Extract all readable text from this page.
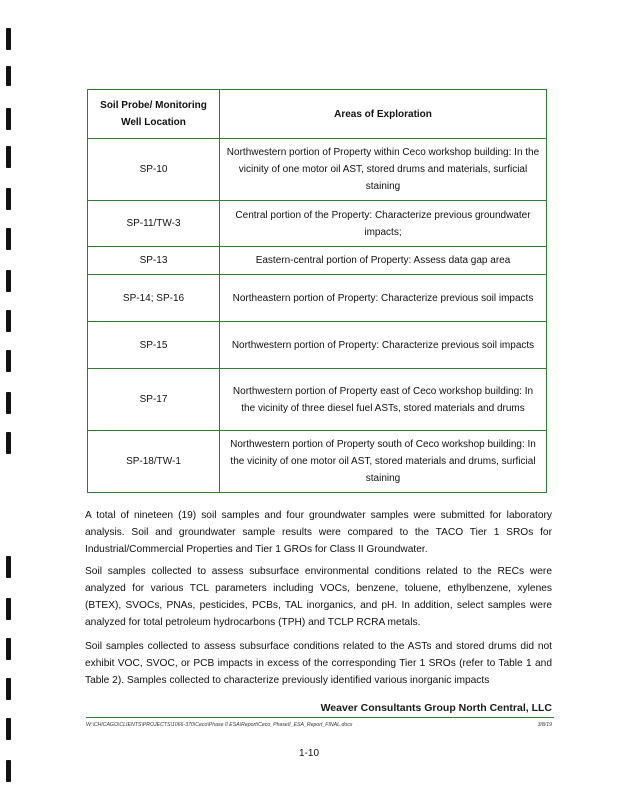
Soil Probe/ Monitoring Well Location	Areas of Exploration
SP-10	Northwestern portion of Property within Ceco workshop building: In the vicinity of one motor oil AST, stored drums and materials, surficial staining
SP-11/TW-3	Central portion of the Property: Characterize previous groundwater impacts;
SP-13	Eastern-central portion of Property: Assess data gap area
SP-14; SP-16	Northeastern portion of Property: Characterize previous soil impacts
SP-15	Northwestern portion of Property: Characterize previous soil impacts
SP-17	Northwestern portion of Property east of Ceco workshop building: In the vicinity of three diesel fuel ASTs, stored materials and drums
SP-18/TW-1	Northwestern portion of Property south of Ceco workshop building: In the vicinity of one motor oil AST, stored materials and drums, surficial staining

A total of nineteen (19) soil samples and four groundwater samples were submitted for laboratory analysis. Soil and groundwater sample results were compared to the TACO Tier 1 SROs for Industrial/Commercial Properties and Tier 1 GROs for Class II Groundwater.

Soil samples collected to assess subsurface environmental conditions related to the RECs were analyzed for various TCL parameters including VOCs, benzene, toluene, ethylbenzene, xylenes (BTEX), SVOCs, PNAs, pesticides, PCBs, TAL inorganics, and pH. In addition, select samples were analyzed for total petroleum hydrocarbons (TPH) and TCLP RCRA metals.

Soil samples collected to assess subsurface conditions related to the ASTs and stored drums did not exhibit VOC, SVOC, or PCB impacts in excess of the corresponding Tier 1 SROs (refer to Table 1 and Table 2). Samples collected to characterize previously identified various inorganic impacts

Weaver Consultants Group North Central, LLC
W:\CHICAGO\CLIENTS\PROJECTS\1066-370\Ceco\Phase II ESA\Report\Ceco_PhaseII_ESA_Report_FINAL.docx	3/8/19
1-10
